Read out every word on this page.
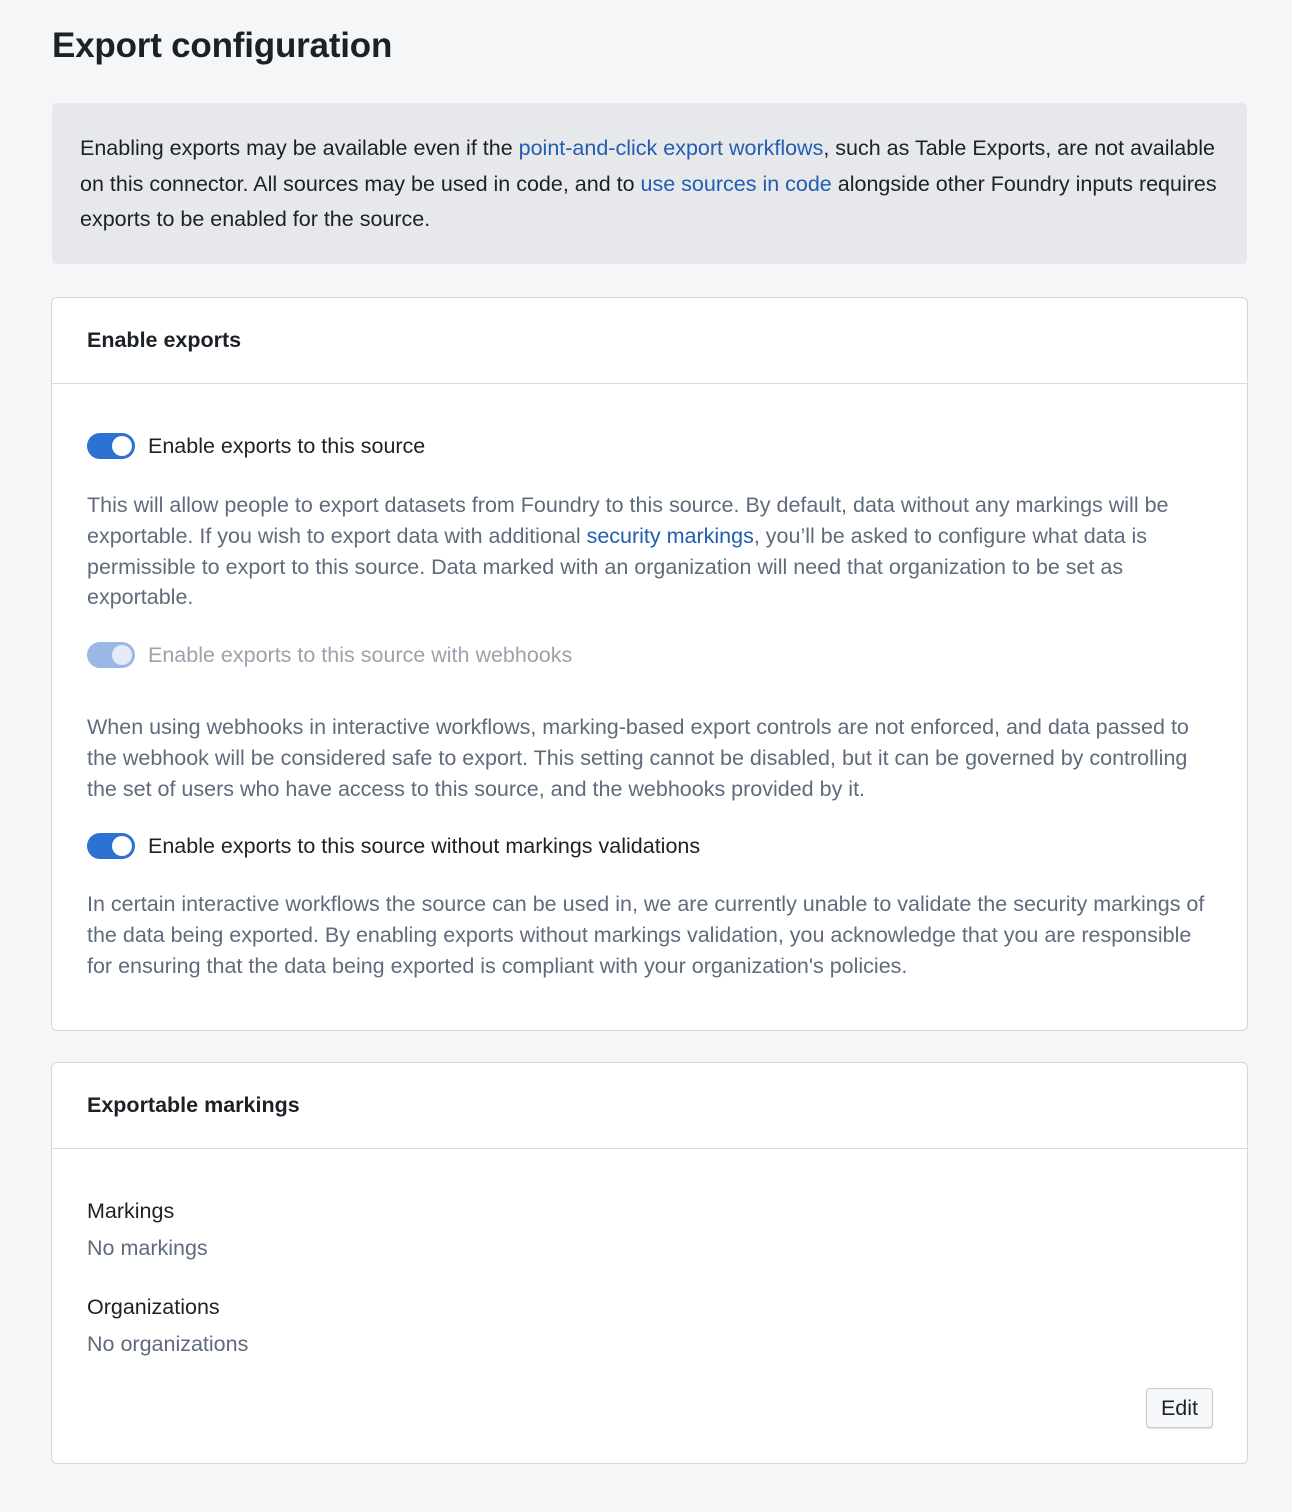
Export configuration
Enabling exports may be available even if the point-and-click export workflows, such as Table Exports, are not available on this connector. All sources may be used in code, and to use sources in code alongside other Foundry inputs requires exports to be enabled for the source.
Enable exports
Enable exports to this source

This will allow people to export datasets from Foundry to this source. By default, data without any markings will be exportable. If you wish to export data with additional security markings, you’ll be asked to configure what data is permissible to export to this source. Data marked with an organization will need that organization to be set as exportable.

Enable exports to this source with webhooks

When using webhooks in interactive workflows, marking-based export controls are not enforced, and data passed to the webhook will be considered safe to export. This setting cannot be disabled, but it can be governed by controlling the set of users who have access to this source, and the webhooks provided by it.

Enable exports to this source without markings validations

In certain interactive workflows the source can be used in, we are currently unable to validate the security markings of the data being exported. By enabling exports without markings validation, you acknowledge that you are responsible for ensuring that the data being exported is compliant with your organization's policies.

Exportable markings
Markings
No markings
Organizations
No organizations
Edit
